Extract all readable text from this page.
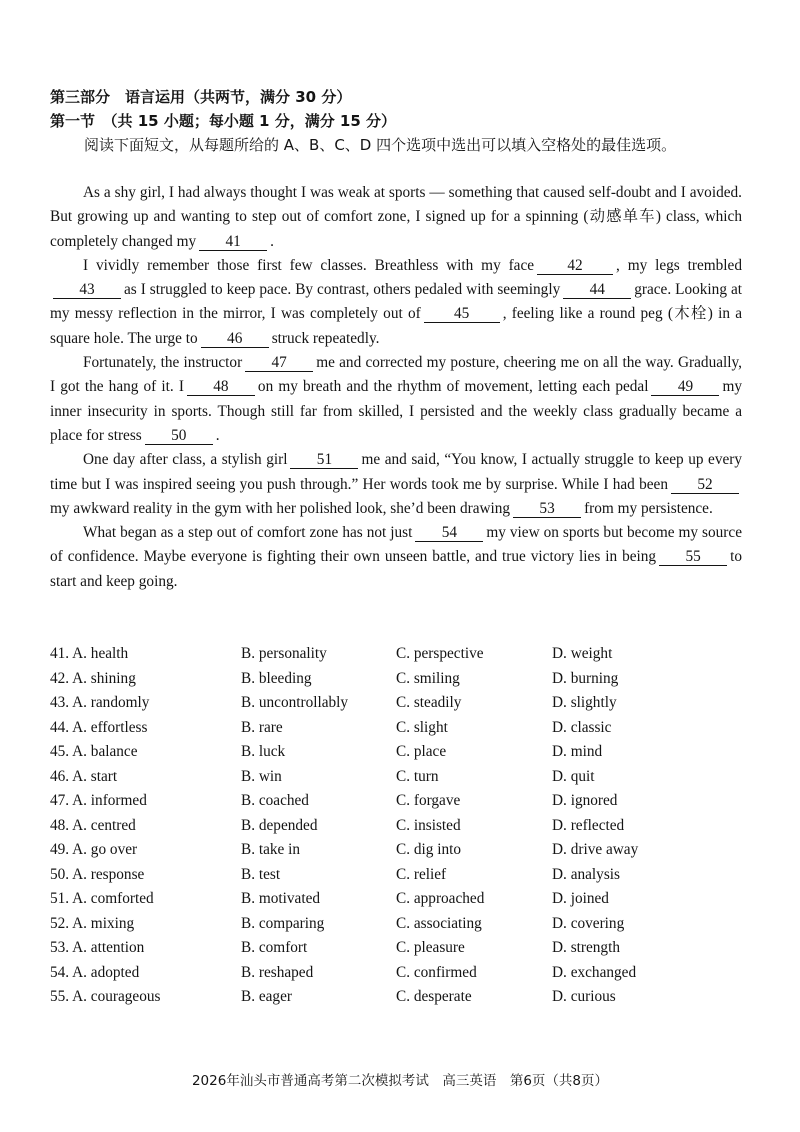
第三部分　语言运用（共两节，满分 30 分）
第一节　（共 15 小题；每小题 1 分，满分 15 分）
阅读下面短文，从每题所给的 A、B、C、D 四个选项中选出可以填入空格处的最佳选项。

As a shy girl, I had always thought I was weak at sports — something that caused self-doubt and I avoided. But growing up and wanting to step out of comfort zone, I signed up for a spinning (动感单车) class, which completely changed my 41 .

I vividly remember those first few classes. Breathless with my face 42 , my legs trembled43 as I struggled to keep pace. By contrast, others pedaled with seemingly 44 grace. Looking at my messy reflection in the mirror, I was completely out of 45 , feeling like a round peg (木栓) in a square hole. The urge to 46 struck repeatedly.

Fortunately, the instructor 47 me and corrected my posture, cheering me on all the way. Gradually, I got the hang of it. I 48 on my breath and the rhythm of movement, letting each pedal 49 my inner insecurity in sports. Though still far from skilled, I persisted and the weekly class gradually became a place for stress 50 .

One day after class, a stylish girl 51 me and said, “You know, I actually struggle to keep up every time but I was inspired seeing you push through.” Her words took me by surprise. While I had been 52my awkward reality in the gym with her polished look, she’d been drawing 53 from my persistence.

What began as a step out of comfort zone has not just 54 my view on sports but become my source of confidence. Maybe everyone is fighting their own unseen battle, and true victory lies in being 55 to start and keep going.

41. A. health	B. personality	C. perspective	D. weight
42. A. shining	B. bleeding	C. smiling	D. burning
43. A. randomly	B. uncontrollably	C. steadily	D. slightly
44. A. effortless	B. rare	C. slight	D. classic
45. A. balance	B. luck	C. place	D. mind
46. A. start	B. win	C. turn	D. quit
47. A. informed	B. coached	C. forgave	D. ignored
48. A. centred	B. depended	C. insisted	D. reflected
49. A. go over	B. take in	C. dig into	D. drive away
50. A. response	B. test	C. relief	D. analysis
51. A. comforted	B. motivated	C. approached	D. joined
52. A. mixing	B. comparing	C. associating	D. covering
53. A. attention	B. comfort	C. pleasure	D. strength
54. A. adopted	B. reshaped	C. confirmed	D. exchanged
55. A. courageous	B. eager	C. desperate	D. curious
2026年汕头市普通高考第二次模拟考试　高三英语　第6页（共8页）
